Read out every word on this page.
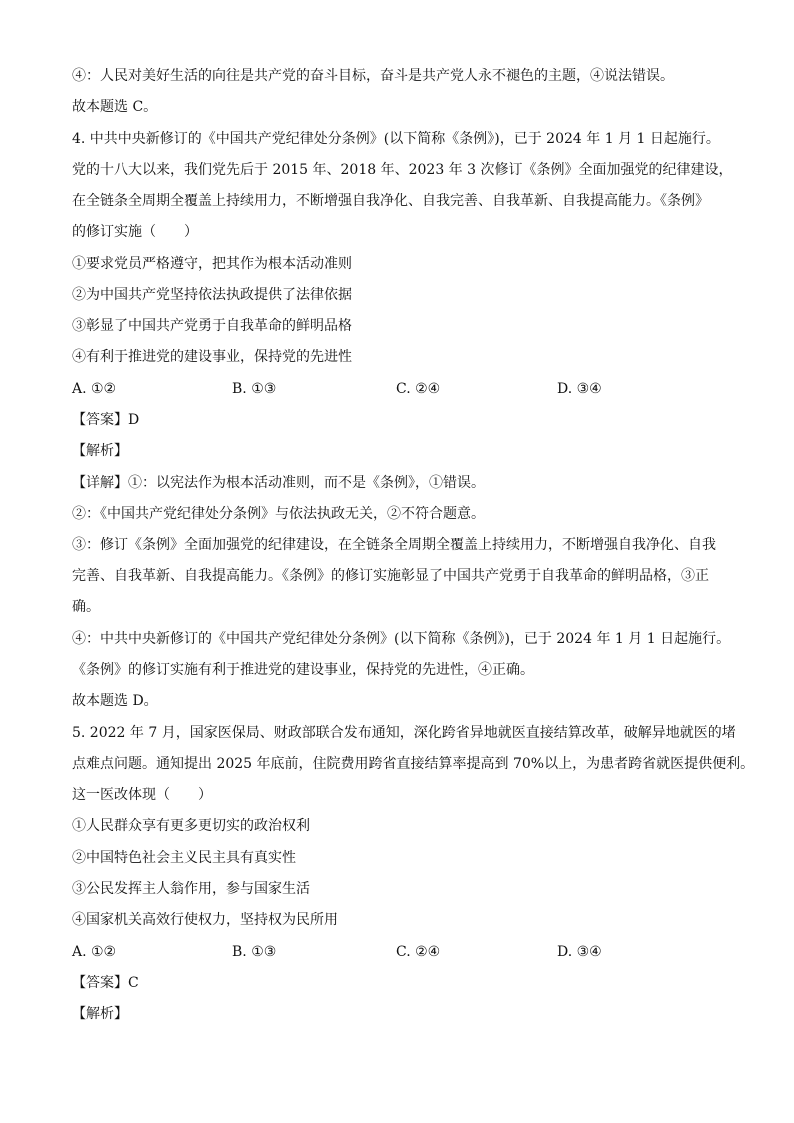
④：人民对美好生活的向往是共产党的奋斗目标，奋斗是共产党人永不褪色的主题，④说法错误。
故本题选 C。
4. 中共中央新修订的《中国共产党纪律处分条例》(以下简称《条例》)，已于 2024 年 1 月 1 日起施行。
党的十八大以来，我们党先后于 2015 年、2018 年、2023 年 3 次修订《条例》全面加强党的纪律建设，
在全链条全周期全覆盖上持续用力，不断增强自我净化、自我完善、自我革新、自我提高能力。《条例》
的修订实施（　　）
①要求党员严格遵守，把其作为根本活动准则
②为中国共产党坚持依法执政提供了法律依据
③彰显了中国共产党勇于自我革命的鲜明品格
④有利于推进党的建设事业，保持党的先进性
A. ①②	B. ①③	C. ②④	D. ③④
【答案】D
【解析】
【详解】①：以宪法作为根本活动准则，而不是《条例》，①错误。
②：《中国共产党纪律处分条例》与依法执政无关，②不符合题意。
③：修订《条例》全面加强党的纪律建设，在全链条全周期全覆盖上持续用力，不断增强自我净化、自我
完善、自我革新、自我提高能力。《条例》的修订实施彰显了中国共产党勇于自我革命的鲜明品格，③正
确。
④：中共中央新修订的《中国共产党纪律处分条例》(以下简称《条例》)，已于 2024 年 1 月 1 日起施行。
《条例》的修订实施有利于推进党的建设事业，保持党的先进性，④正确。
故本题选 D。
5. 2022 年 7 月，国家医保局、财政部联合发布通知，深化跨省异地就医直接结算改革，破解异地就医的堵
点难点问题。通知提出 2025 年底前，住院费用跨省直接结算率提高到 70%以上，为患者跨省就医提供便利。
这一医改体现（　　）
①人民群众享有更多更切实的政治权利
②中国特色社会主义民主具有真实性
③公民发挥主人翁作用，参与国家生活
④国家机关高效行使权力，坚持权为民所用
A. ①②	B. ①③	C. ②④	D. ③④
【答案】C
【解析】
